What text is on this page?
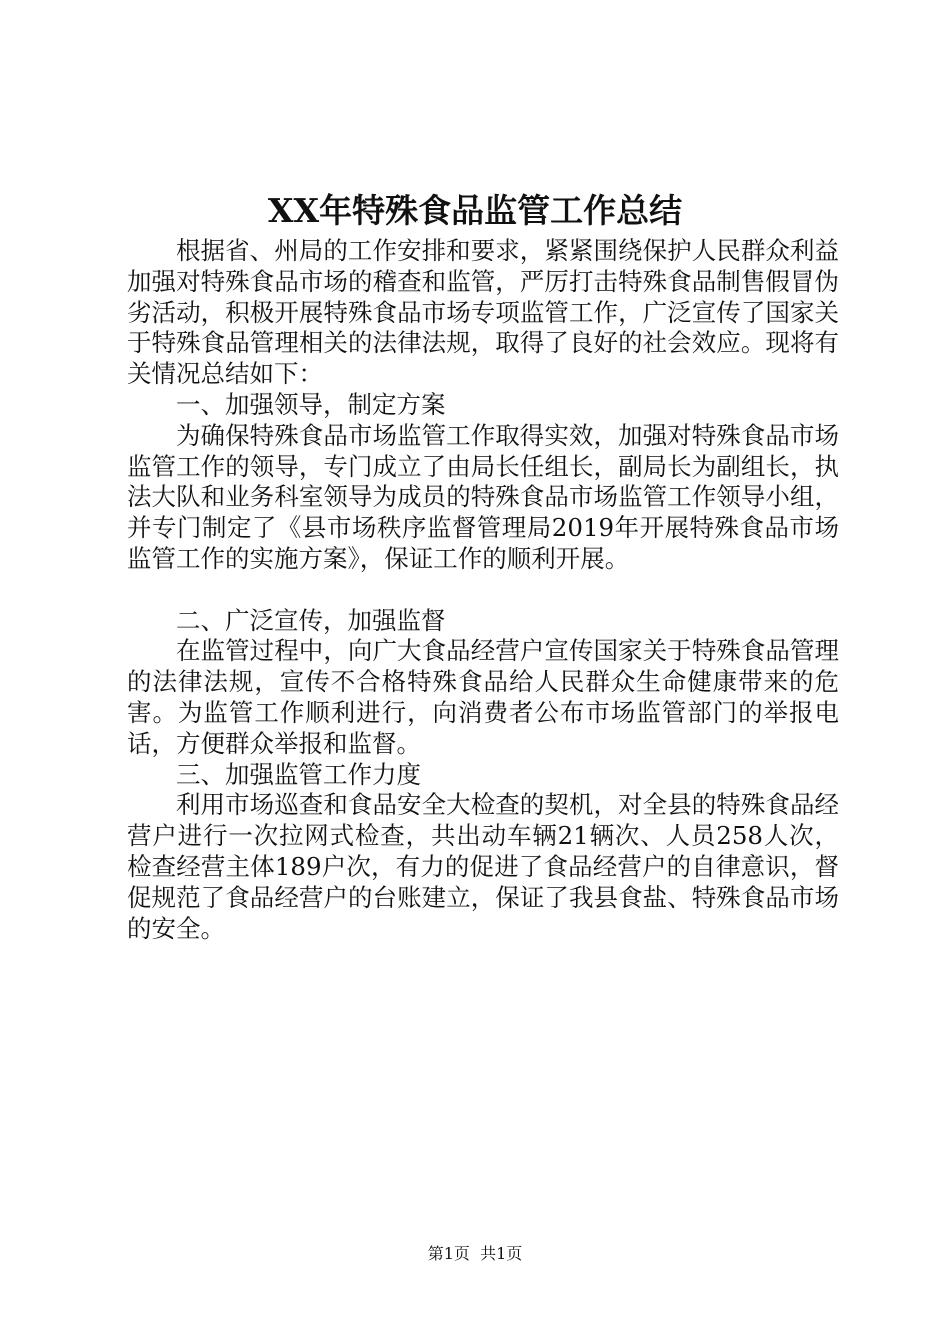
XX年特殊食品监管工作总结

根据省、州局的工作安排和要求，紧紧围绕保护人民群众利益加强对特殊食品市场的稽查和监管，严厉打击特殊食品制售假冒伪劣活动，积极开展特殊食品市场专项监管工作，广泛宣传了国家关于特殊食品管理相关的法律法规，取得了良好的社会效应。现将有关情况总结如下：

一、加强领导，制定方案

为确保特殊食品市场监管工作取得实效，加强对特殊食品市场监管工作的领导，专门成立了由局长任组长，副局长为副组长，执法大队和业务科室领导为成员的特殊食品市场监管工作领导小组，并专门制定了《县市场秩序监督管理局2019年开展特殊食品市场监管工作的实施方案》，保证工作的顺利开展。

二、广泛宣传，加强监督

在监管过程中，向广大食品经营户宣传国家关于特殊食品管理的法律法规，宣传不合格特殊食品给人民群众生命健康带来的危害。为监管工作顺利进行，向消费者公布市场监管部门的举报电话，方便群众举报和监督。

三、加强监管工作力度

利用市场巡查和食品安全大检查的契机，对全县的特殊食品经营户进行一次拉网式检查，共出动车辆21辆次、人员258人次，检查经营主体189户次，有力的促进了食品经营户的自律意识，督促规范了食品经营户的台账建立，保证了我县食盐、特殊食品市场的安全。

第1页 共1页
